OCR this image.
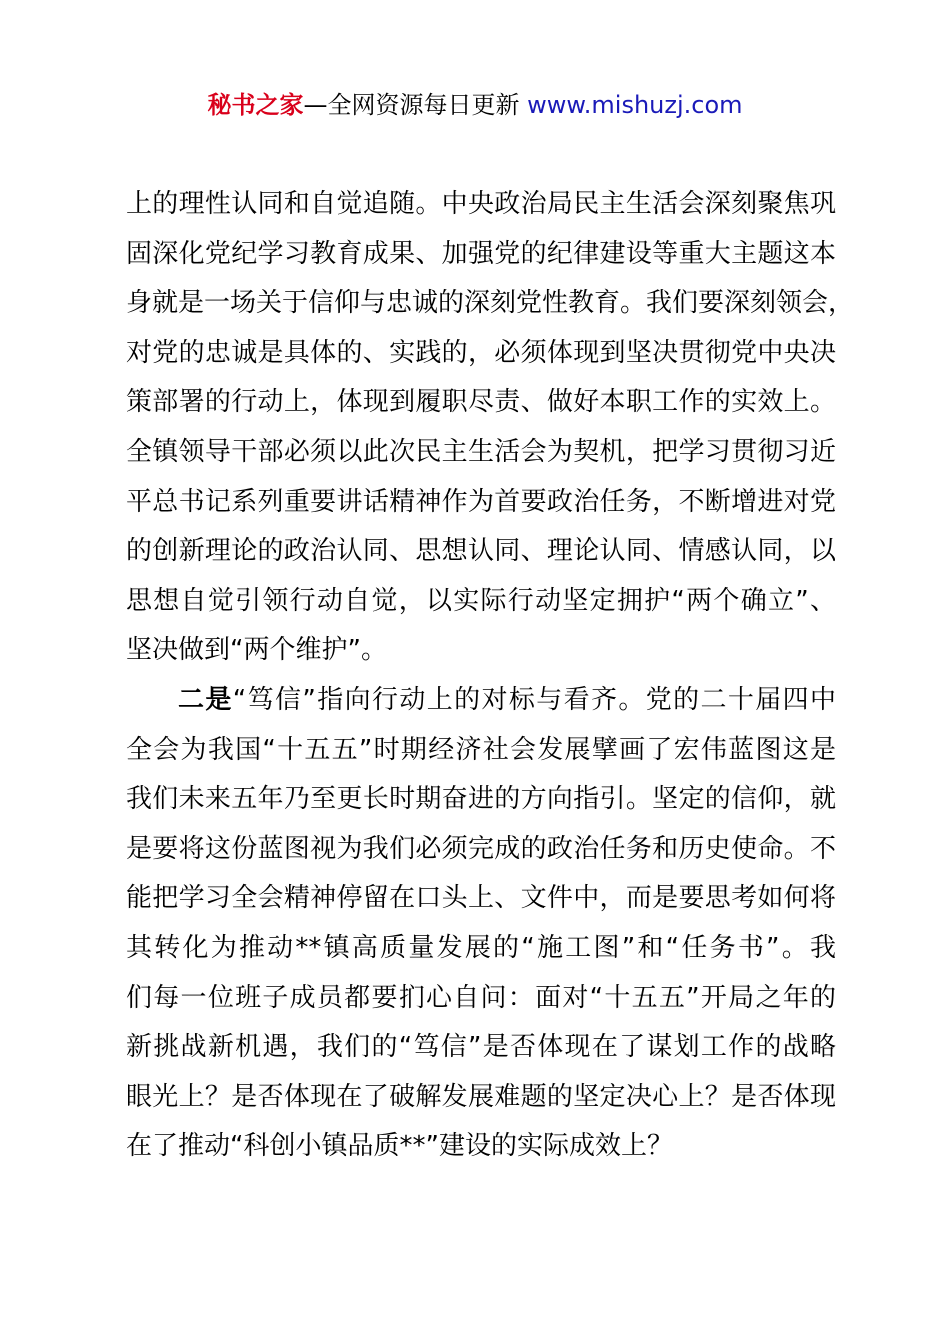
秘书之家—全网资源每日更新 www.mishuzj.com
上的理性认同和自觉追随。中央政治局民主生活会深刻聚焦巩
固深化党纪学习教育成果、加强党的纪律建设等重大主题这本
身就是一场关于信仰与忠诚的深刻党性教育。我们要深刻领会，
对党的忠诚是具体的、实践的，必须体现到坚决贯彻党中央决
策部署的行动上，体现到履职尽责、做好本职工作的实效上。
全镇领导干部必须以此次民主生活会为契机，把学习贯彻习近
平总书记系列重要讲话精神作为首要政治任务，不断增进对党
的创新理论的政治认同、思想认同、理论认同、情感认同，以
思想自觉引领行动自觉，以实际行动坚定拥护“两个确立”、
坚决做到“两个维护”。
二是“笃信”指向行动上的对标与看齐。党的二十届四中
全会为我国“十五五”时期经济社会发展擘画了宏伟蓝图这是
我们未来五年乃至更长时期奋进的方向指引。坚定的信仰，就
是要将这份蓝图视为我们必须完成的政治任务和历史使命。不
能把学习全会精神停留在口头上、文件中，而是要思考如何将
其转化为推动**镇高质量发展的“施工图”和“任务书”。我
们每一位班子成员都要扪心自问：面对“十五五”开局之年的
新挑战新机遇，我们的“笃信”是否体现在了谋划工作的战略
眼光上？是否体现在了破解发展难题的坚定决心上？是否体现
在了推动“科创小镇品质**”建设的实际成效上？
